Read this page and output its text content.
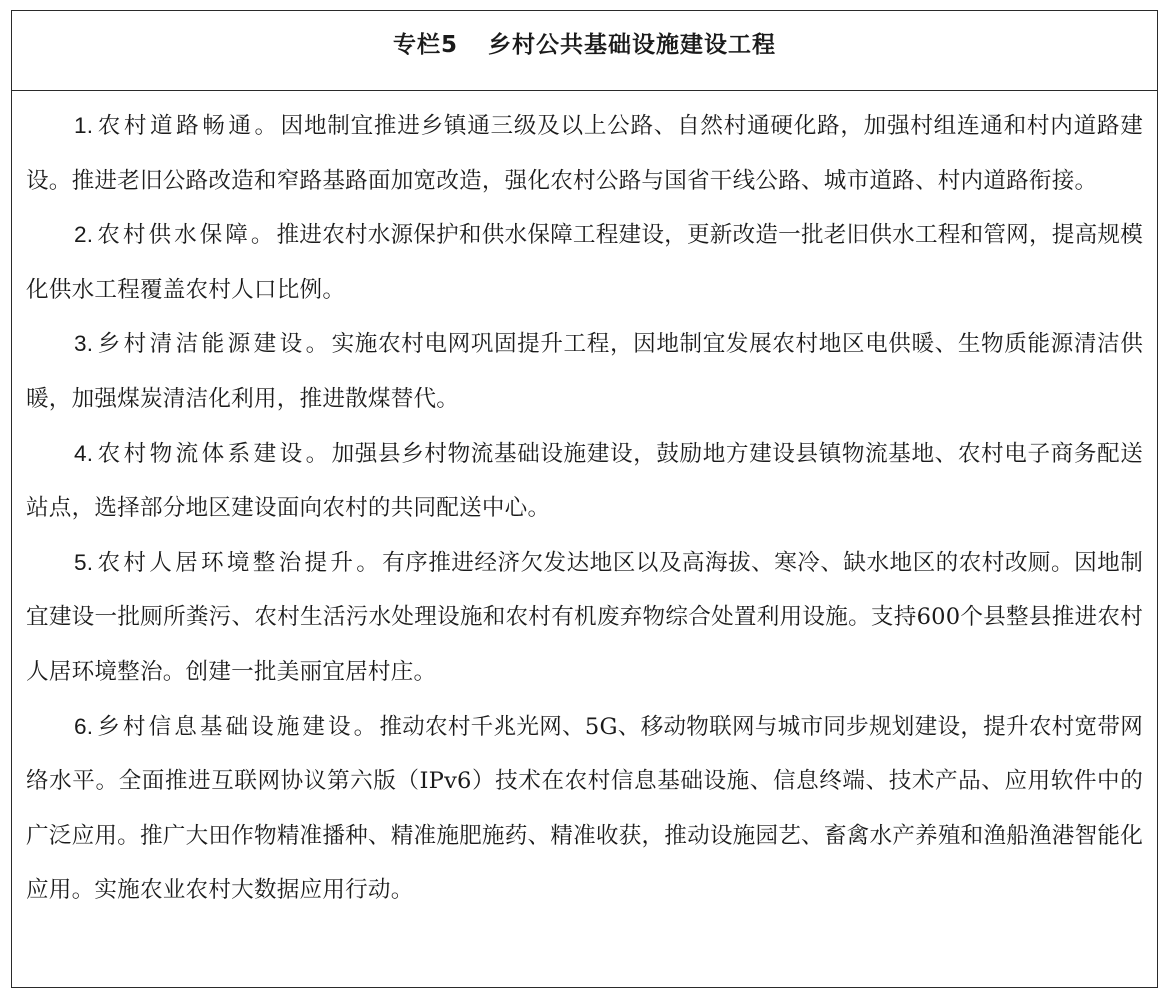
专栏5 乡村公共基础设施建设工程

1. 农村道路畅通。因地制宜推进乡镇通三级及以上公路、自然村通硬化路，加强村组连通和村内道路建设。推进老旧公路改造和窄路基路面加宽改造，强化农村公路与国省干线公路、城市道路、村内道路衔接。

2. 农村供水保障。推进农村水源保护和供水保障工程建设，更新改造一批老旧供水工程和管网，提高规模化供水工程覆盖农村人口比例。

3. 乡村清洁能源建设。实施农村电网巩固提升工程，因地制宜发展农村地区电供暖、生物质能源清洁供暖，加强煤炭清洁化利用，推进散煤替代。

4. 农村物流体系建设。加强县乡村物流基础设施建设，鼓励地方建设县镇物流基地、农村电子商务配送站点，选择部分地区建设面向农村的共同配送中心。

5. 农村人居环境整治提升。有序推进经济欠发达地区以及高海拔、寒冷、缺水地区的农村改厕。因地制宜建设一批厕所粪污、农村生活污水处理设施和农村有机废弃物综合处置利用设施。支持600个县整县推进农村人居环境整治。创建一批美丽宜居村庄。

6. 乡村信息基础设施建设。推动农村千兆光网、5G、移动物联网与城市同步规划建设，提升农村宽带网络水平。全面推进互联网协议第六版（IPv6）技术在农村信息基础设施、信息终端、技术产品、应用软件中的广泛应用。推广大田作物精准播种、精准施肥施药、精准收获，推动设施园艺、畜禽水产养殖和渔船渔港智能化应用。实施农业农村大数据应用行动。
